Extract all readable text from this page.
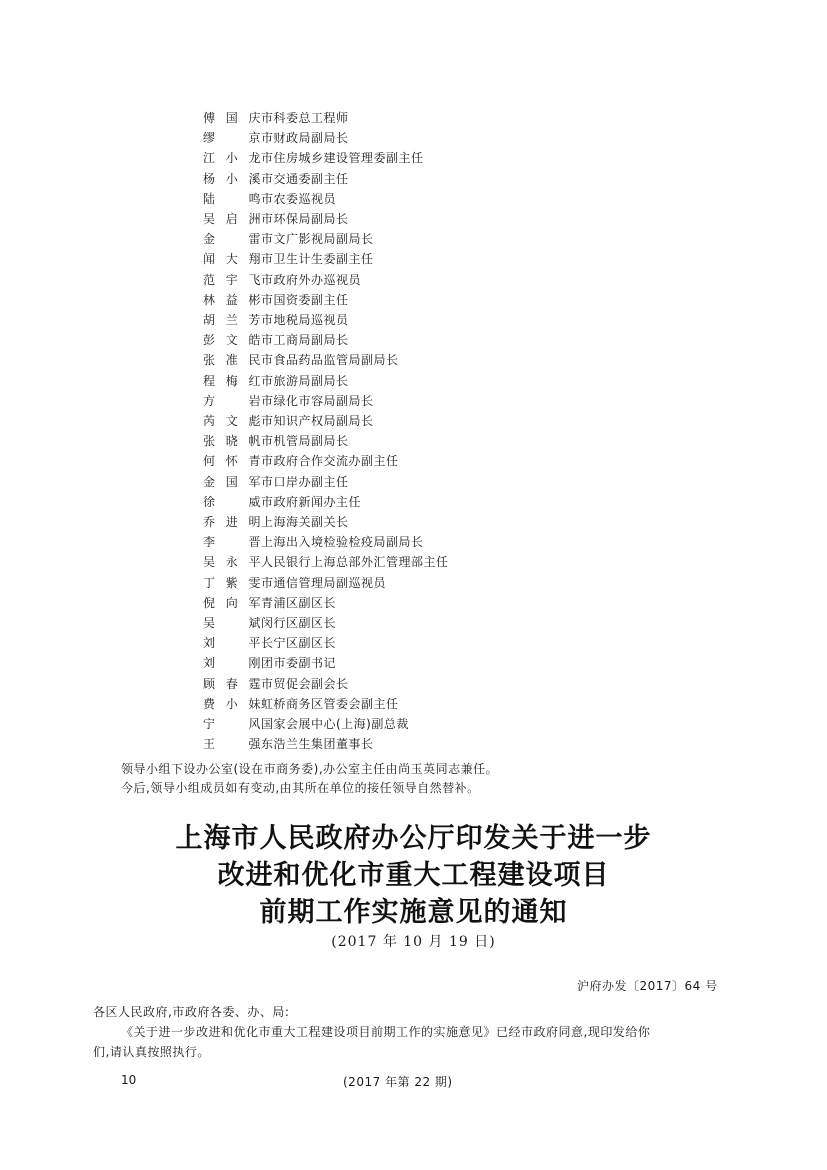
傅国庆市科委总工程师
缪　京市财政局副局长
江小龙市住房城乡建设管理委副主任
杨小溪市交通委副主任
陆　鸣市农委巡视员
吴启洲市环保局副局长
金　雷市文广影视局副局长
闻大翔市卫生计生委副主任
范宇飞市政府外办巡视员
林益彬市国资委副主任
胡兰芳市地税局巡视员
彭文皓市工商局副局长
张准民市食品药品监管局副局长
程梅红市旅游局副局长
方　岩市绿化市容局副局长
芮文彪市知识产权局副局长
张晓帆市机管局副局长
何怀青市政府合作交流办副主任
金国军市口岸办副主任
徐　威市政府新闻办主任
乔进明上海海关副关长
李　晋上海出入境检验检疫局副局长
吴永平人民银行上海总部外汇管理部主任
丁紫雯市通信管理局副巡视员
倪向军青浦区副区长
吴　斌闵行区副区长
刘　平长宁区副区长
刘　刚团市委副书记
顾春霆市贸促会副会长
费小妹虹桥商务区管委会副主任
宁　风国家会展中心(上海)副总裁
王　强东浩兰生集团董事长
领导小组下设办公室(设在市商务委),办公室主任由尚玉英同志兼任。
今后,领导小组成员如有变动,由其所在单位的接任领导自然替补。
上海市人民政府办公厅印发关于进一步
改进和优化市重大工程建设项目
前期工作实施意见的通知
(2017 年 10 月 19 日)
沪府办发〔2017〕64 号
各区人民政府,市政府各委、办、局:
《关于进一步改进和优化市重大工程建设项目前期工作的实施意见》已经市政府同意,现印发给你
们,请认真按照执行。
10	(2017 年第 22 期)
